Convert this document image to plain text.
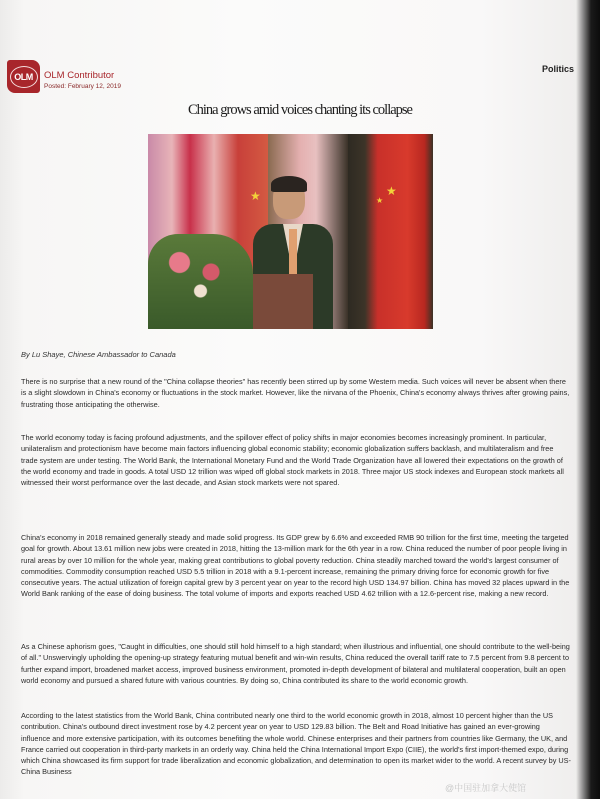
OLM	OLM Contributor
Posted: February 12, 2019
Politics
China grows amid voices chanting its collapse
★	★
★
By Lu Shaye, Chinese Ambassador to Canada

There is no surprise that a new round of the "China collapse theories" has recently been stirred up by some Western media. Such voices will never be absent when there is a slight slowdown in China's economy or fluctuations in the stock market. However, like the nirvana of the Phoenix, China's economy always thrives after growing pains, frustrating those anticipating the otherwise.

The world economy today is facing profound adjustments, and the spillover effect of policy shifts in major economies becomes increasingly prominent. In particular, unilateralism and protectionism have become main factors influencing global economic stability; economic globalization suffers backlash, and multilateralism and free trade system are under testing. The World Bank, the International Monetary Fund and the World Trade Organization have all lowered their expectations on the growth of the world economy and trade in goods. A total USD 12 trillion was wiped off global stock markets in 2018. Three major US stock indexes and European stock markets all witnessed their worst performance over the last decade, and Asian stock markets were not spared.

China's economy in 2018 remained generally steady and made solid progress. Its GDP grew by 6.6% and exceeded RMB 90 trillion for the first time, meeting the targeted goal for growth. About 13.61 million new jobs were created in 2018, hitting the 13-million mark for the 6th year in a row. China reduced the number of poor people living in rural areas by over 10 million for the whole year, making great contributions to global poverty reduction. China steadily marched toward the world's largest consumer of commodities. Commodity consumption reached USD 5.5 trillion in 2018 with a 9.1-percent increase, remaining the primary driving force for economic growth for five consecutive years. The actual utilization of foreign capital grew by 3 percent year on year to the record high USD 134.97 billion. China has moved 32 places upward in the World Bank ranking of the ease of doing business. The total volume of imports and exports reached USD 4.62 trillion with a 12.6-percent rise, making a new record.

As a Chinese aphorism goes, "Caught in difficulties, one should still hold himself to a high standard; when illustrious and influential, one should contribute to the well-being of all." Unswervingly upholding the opening-up strategy featuring mutual benefit and win-win results, China reduced the overall tariff rate to 7.5 percent from 9.8 percent to further expand import, broadened market access, improved business environment, promoted in-depth development of bilateral and multilateral cooperation, built an open world economy and pursued a shared future with various countries. By doing so, China contributed its share to the world economic growth.

According to the latest statistics from the World Bank, China contributed nearly one third to the world economic growth in 2018, almost 10 percent higher than the US contribution. China's outbound direct investment rose by 4.2 percent year on year to USD 129.83 billion. The Belt and Road Initiative has gained an ever-growing influence and more extensive participation, with its outcomes benefiting the whole world. Chinese enterprises and their partners from countries like Germany, the UK, and France carried out cooperation in third-party markets in an orderly way. China held the China International Import Expo (CIIE), the world's first import-themed expo, during which China showcased its firm support for trade liberalization and economic globalization, and determination to open its market wider to the world. A recent survey by US-China Business

@中国驻加拿大使馆
